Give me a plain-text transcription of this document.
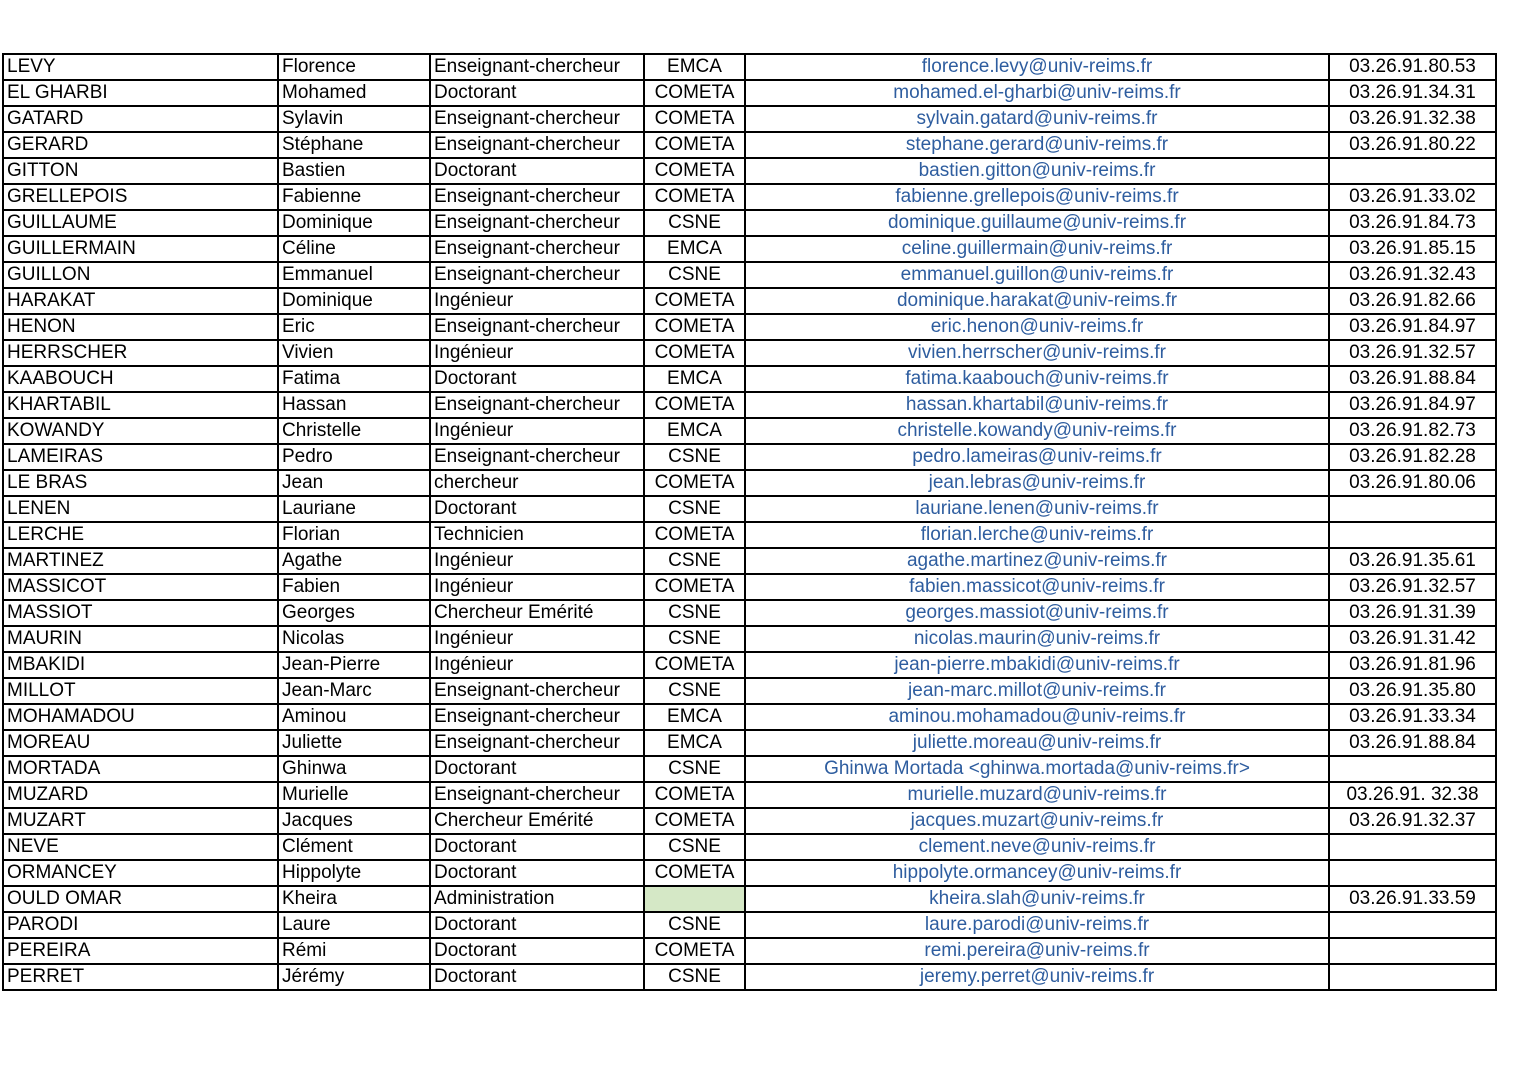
LEVY	Florence	Enseignant-chercheur	EMCA	florence.levy@univ-reims.fr	03.26.91.80.53
EL GHARBI	Mohamed	Doctorant	COMETA	mohamed.el-gharbi@univ-reims.fr	03.26.91.34.31
GATARD	Sylavin	Enseignant-chercheur	COMETA	sylvain.gatard@univ-reims.fr	03.26.91.32.38
GERARD	Stéphane	Enseignant-chercheur	COMETA	stephane.gerard@univ-reims.fr	03.26.91.80.22
GITTON	Bastien	Doctorant	COMETA	bastien.gitton@univ-reims.fr	
GRELLEPOIS	Fabienne	Enseignant-chercheur	COMETA	fabienne.grellepois@univ-reims.fr	03.26.91.33.02
GUILLAUME	Dominique	Enseignant-chercheur	CSNE	dominique.guillaume@univ-reims.fr	03.26.91.84.73
GUILLERMAIN	Céline	Enseignant-chercheur	EMCA	celine.guillermain@univ-reims.fr	03.26.91.85.15
GUILLON	Emmanuel	Enseignant-chercheur	CSNE	emmanuel.guillon@univ-reims.fr	03.26.91.32.43
HARAKAT	Dominique	Ingénieur	COMETA	dominique.harakat@univ-reims.fr	03.26.91.82.66
HENON	Eric	Enseignant-chercheur	COMETA	eric.henon@univ-reims.fr	03.26.91.84.97
HERRSCHER	Vivien	Ingénieur	COMETA	vivien.herrscher@univ-reims.fr	03.26.91.32.57
KAABOUCH	Fatima	Doctorant	EMCA	fatima.kaabouch@univ-reims.fr	03.26.91.88.84
KHARTABIL	Hassan	Enseignant-chercheur	COMETA	hassan.khartabil@univ-reims.fr	03.26.91.84.97
KOWANDY	Christelle	Ingénieur	EMCA	christelle.kowandy@univ-reims.fr	03.26.91.82.73
LAMEIRAS	Pedro	Enseignant-chercheur	CSNE	pedro.lameiras@univ-reims.fr	03.26.91.82.28
LE BRAS	Jean	chercheur	COMETA	jean.lebras@univ-reims.fr	03.26.91.80.06
LENEN	Lauriane	Doctorant	CSNE	lauriane.lenen@univ-reims.fr	
LERCHE	Florian	Technicien	COMETA	florian.lerche@univ-reims.fr	
MARTINEZ	Agathe	Ingénieur	CSNE	agathe.martinez@univ-reims.fr	03.26.91.35.61
MASSICOT	Fabien	Ingénieur	COMETA	fabien.massicot@univ-reims.fr	03.26.91.32.57
MASSIOT	Georges	Chercheur Emérité	CSNE	georges.massiot@univ-reims.fr	03.26.91.31.39
MAURIN	Nicolas	Ingénieur	CSNE	nicolas.maurin@univ-reims.fr	03.26.91.31.42
MBAKIDI	Jean-Pierre	Ingénieur	COMETA	jean-pierre.mbakidi@univ-reims.fr	03.26.91.81.96
MILLOT	Jean-Marc	Enseignant-chercheur	CSNE	jean-marc.millot@univ-reims.fr	03.26.91.35.80
MOHAMADOU	Aminou	Enseignant-chercheur	EMCA	aminou.mohamadou@univ-reims.fr	03.26.91.33.34
MOREAU	Juliette	Enseignant-chercheur	EMCA	juliette.moreau@univ-reims.fr	03.26.91.88.84
MORTADA	Ghinwa	Doctorant	CSNE	Ghinwa Mortada <ghinwa.mortada@univ-reims.fr>	
MUZARD	Murielle	Enseignant-chercheur	COMETA	murielle.muzard@univ-reims.fr	03.26.91. 32.38
MUZART	Jacques	Chercheur Emérité	COMETA	jacques.muzart@univ-reims.fr	03.26.91.32.37
NEVE	Clément	Doctorant	CSNE	clement.neve@univ-reims.fr	
ORMANCEY	Hippolyte	Doctorant	COMETA	hippolyte.ormancey@univ-reims.fr	
OULD OMAR	Kheira	Administration		kheira.slah@univ-reims.fr	03.26.91.33.59
PARODI	Laure	Doctorant	CSNE	laure.parodi@univ-reims.fr	
PEREIRA	Rémi	Doctorant	COMETA	remi.pereira@univ-reims.fr	
PERRET	Jérémy	Doctorant	CSNE	jeremy.perret@univ-reims.fr	
